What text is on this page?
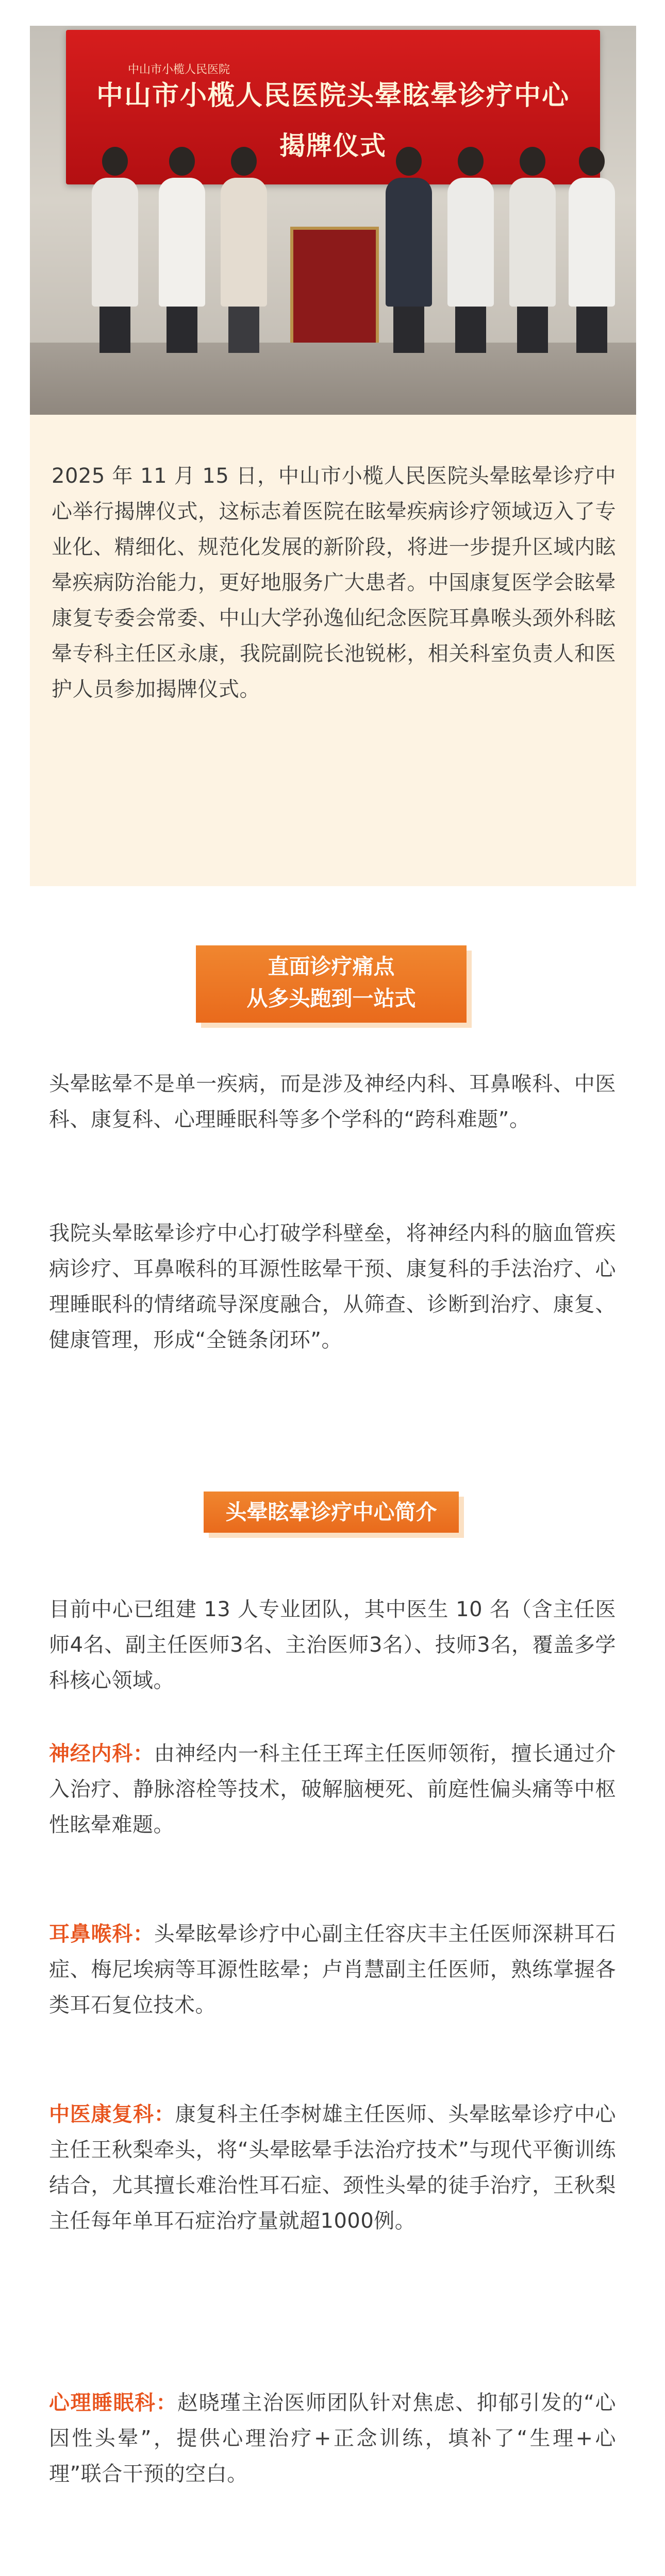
中山市小榄人民医院
中山市小榄人民医院头晕眩晕诊疗中心
揭牌仪式
2025 年 11 月 15 日，中山市小榄人民医院头晕眩晕诊疗中心举行揭牌仪式，这标志着医院在眩晕疾病诊疗领域迈入了专业化、精细化、规范化发展的新阶段，将进一步提升区域内眩晕疾病防治能力，更好地服务广大患者。中国康复医学会眩晕康复专委会常委、中山大学孙逸仙纪念医院耳鼻喉头颈外科眩晕专科主任区永康，我院副院长池锐彬，相关科室负责人和医护人员参加揭牌仪式。
直面诊疗痛点
从多头跑到一站式
头晕眩晕不是单一疾病，而是涉及神经内科、耳鼻喉科、中医科、康复科、心理睡眠科等多个学科的“跨科难题”。
我院头晕眩晕诊疗中心打破学科壁垒，将神经内科的脑血管疾病诊疗、耳鼻喉科的耳源性眩晕干预、康复科的手法治疗、心理睡眠科的情绪疏导深度融合，从筛查、诊断到治疗、康复、健康管理，形成“全链条闭环”。
头晕眩晕诊疗中心简介
目前中心已组建 13 人专业团队，其中医生 10 名（含主任医师4名、副主任医师3名、主治医师3名）、技师3名，覆盖多学科核心领域。
神经内科：由神经内一科主任王珲主任医师领衔，擅长通过介入治疗、静脉溶栓等技术，破解脑梗死、前庭性偏头痛等中枢性眩晕难题。
耳鼻喉科：头晕眩晕诊疗中心副主任容庆丰主任医师深耕耳石症、梅尼埃病等耳源性眩晕；卢肖慧副主任医师，熟练掌握各类耳石复位技术。
中医康复科：康复科主任李树雄主任医师、头晕眩晕诊疗中心主任王秋梨牵头，将“头晕眩晕手法治疗技术”与现代平衡训练结合，尤其擅长难治性耳石症、颈性头晕的徒手治疗，王秋梨主任每年单耳石症治疗量就超1000例。
心理睡眠科：赵晓瑾主治医师团队针对焦虑、抑郁引发的“心因性头晕”，提供心理治疗+正念训练，填补了“生理+心理”联合干预的空白。
